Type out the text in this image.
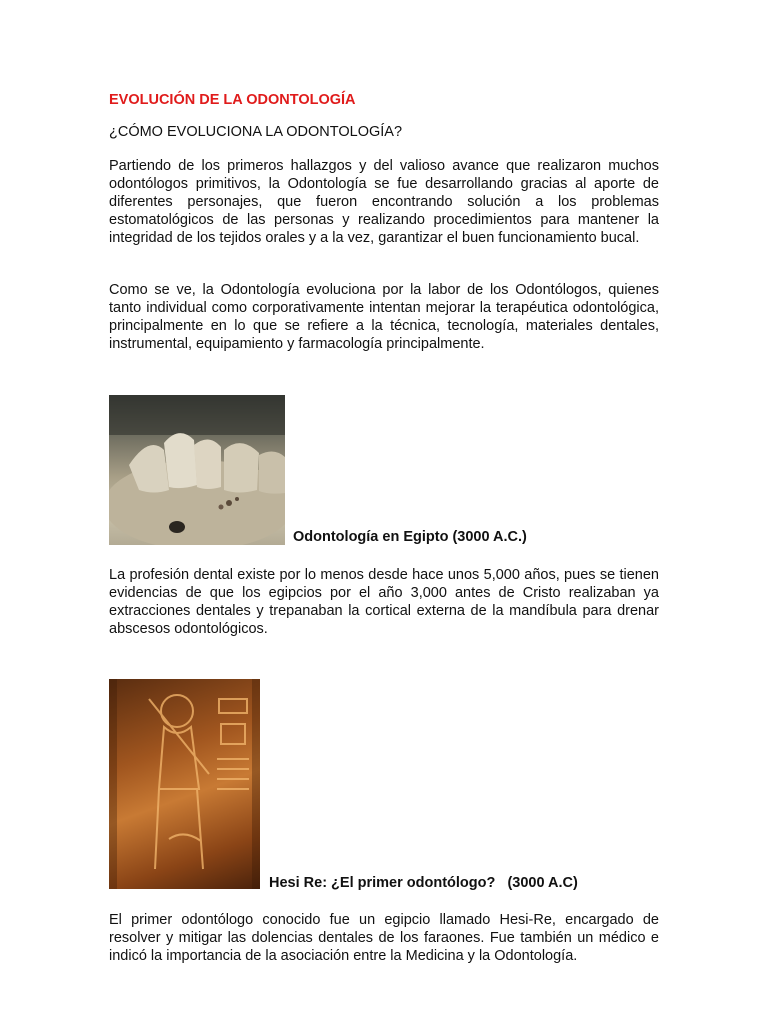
EVOLUCIÓN DE LA ODONTOLOGÍA

¿CÓMO EVOLUCIONA LA ODONTOLOGÍA?

Partiendo de los primeros hallazgos y del valioso avance que realizaron muchos odontólogos primitivos, la Odontología se fue desarrollando gracias al aporte de diferentes personajes, que fueron encontrando solución a los problemas estomatológicos de las personas y realizando procedimientos para mantener la integridad de los tejidos orales y a la vez, garantizar el buen funcionamiento bucal.

Como se ve, la Odontología evoluciona por la labor de los Odontólogos, quienes tanto individual como corporativamente intentan mejorar la terapéutica odontológica, principalmente en lo que se refiere a la técnica, tecnología, materiales dentales, instrumental, equipamiento y farmacología principalmente.

Odontología en Egipto (3000 A.C.)

La profesión dental existe por lo menos desde hace unos 5,000 años, pues se tienen evidencias de que los egipcios por el año 3,000 antes de Cristo realizaban ya extracciones dentales y trepanaban la cortical externa de la mandíbula para drenar abscesos odontológicos.

Hesi Re: ¿El primer odontólogo?   (3000 A.C)

El primer odontólogo conocido fue un egipcio llamado Hesi-Re, encargado de resolver y mitigar las dolencias dentales de los faraones. Fue también un médico e indicó la importancia de la asociación entre la Medicina y la Odontología.
